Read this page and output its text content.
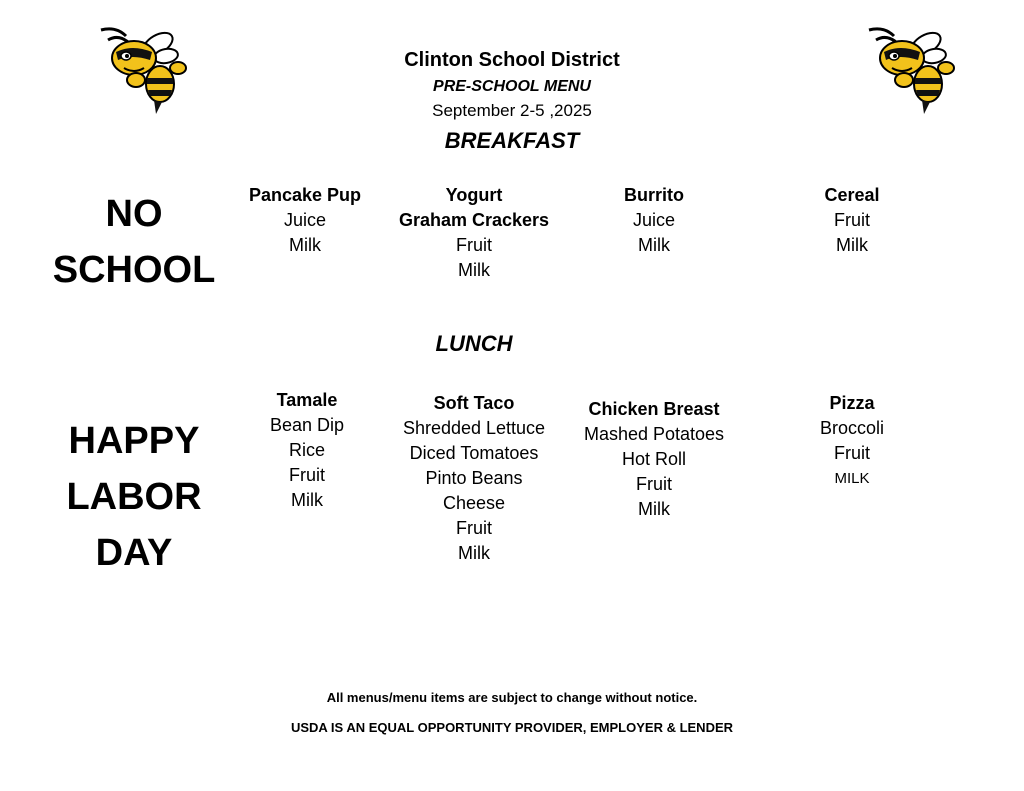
Clinton School District
PRE-SCHOOL MENU
September 2-5 ,2025
BREAKFAST
NO
SCHOOL
Pancake Pup
Juice
Milk
Yogurt
Graham Crackers
Fruit
Milk
Burrito
Juice
Milk
Cereal
Fruit
Milk
LUNCH
HAPPY
LABOR
DAY
Tamale
Bean Dip
Rice
Fruit
Milk
Soft Taco
Shredded Lettuce
Diced Tomatoes
Pinto Beans
Cheese
Fruit
Milk
Chicken Breast
Mashed Potatoes
Hot Roll
Fruit
Milk
Pizza
Broccoli
Fruit
MILK
All menus/menu items are subject to change without notice.
USDA IS AN EQUAL OPPORTUNITY PROVIDER, EMPLOYER & LENDER
